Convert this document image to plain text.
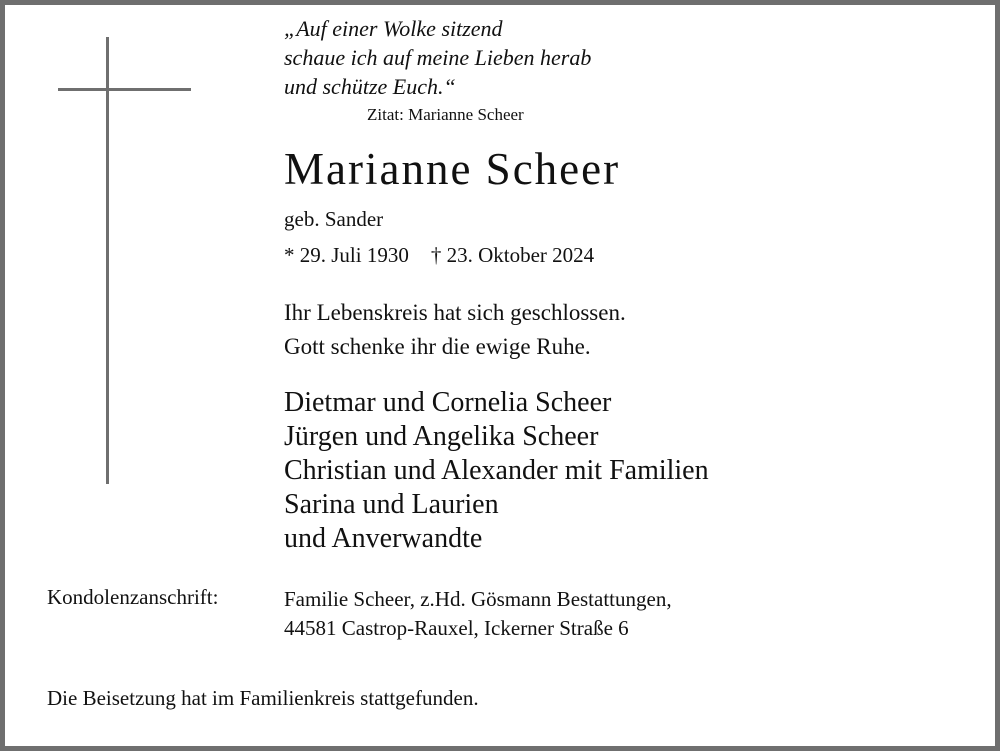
„Auf einer Wolke sitzend
schaue ich auf meine Lieben herab
und schütze Euch.“
Zitat: Marianne Scheer
Marianne Scheer
geb. Sander
* 29. Juli 1930 † 23. Oktober 2024
Ihr Lebenskreis hat sich geschlossen.
Gott schenke ihr die ewige Ruhe.
Dietmar und Cornelia Scheer
Jürgen und Angelika Scheer
Christian und Alexander mit Familien
Sarina und Laurien
und Anverwandte
Kondolenzanschrift:	Familie Scheer, z.Hd. Gösmann Bestattungen,
44581 Castrop-Rauxel, Ickerner Straße 6
Die Beisetzung hat im Familienkreis stattgefunden.
